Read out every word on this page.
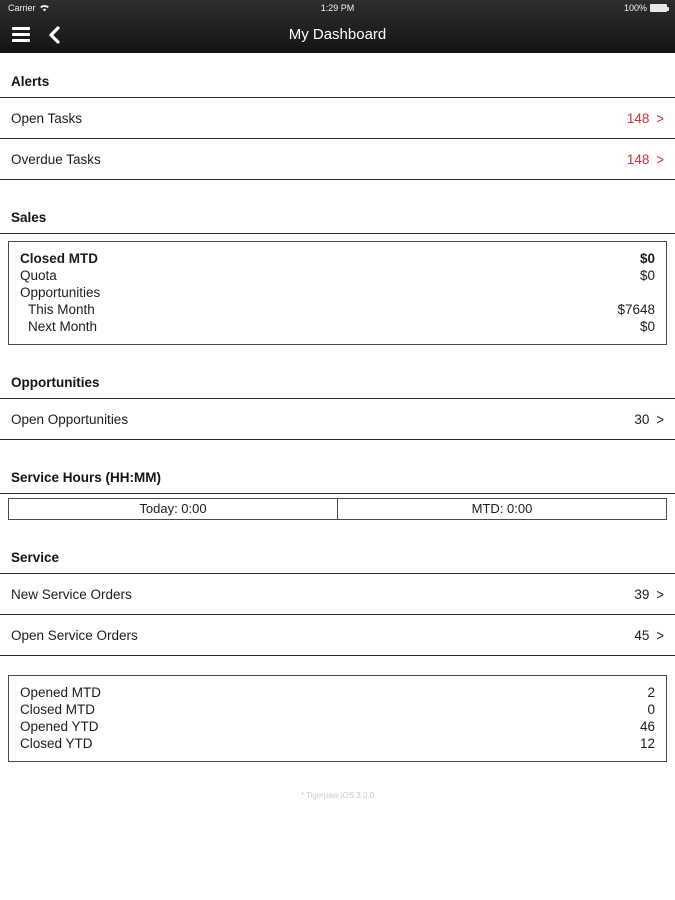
1:29 PM
Carrier	100%
My Dashboard
Alerts
Open Tasks	148 >
Overdue Tasks	148 >
Sales
Closed MTD	$0
Quota	$0
Opportunities
This Month	$7648
Next Month	$0
Opportunities
Open Opportunities	30 >
Service Hours (HH:MM)
Today: 0:00	MTD: 0:00
Service
New Service Orders	39 >
Open Service Orders	45 >
Opened MTD	2
Closed MTD	0
Opened YTD	46
Closed YTD	12
* Tigerpaw iOS 3.0.0
